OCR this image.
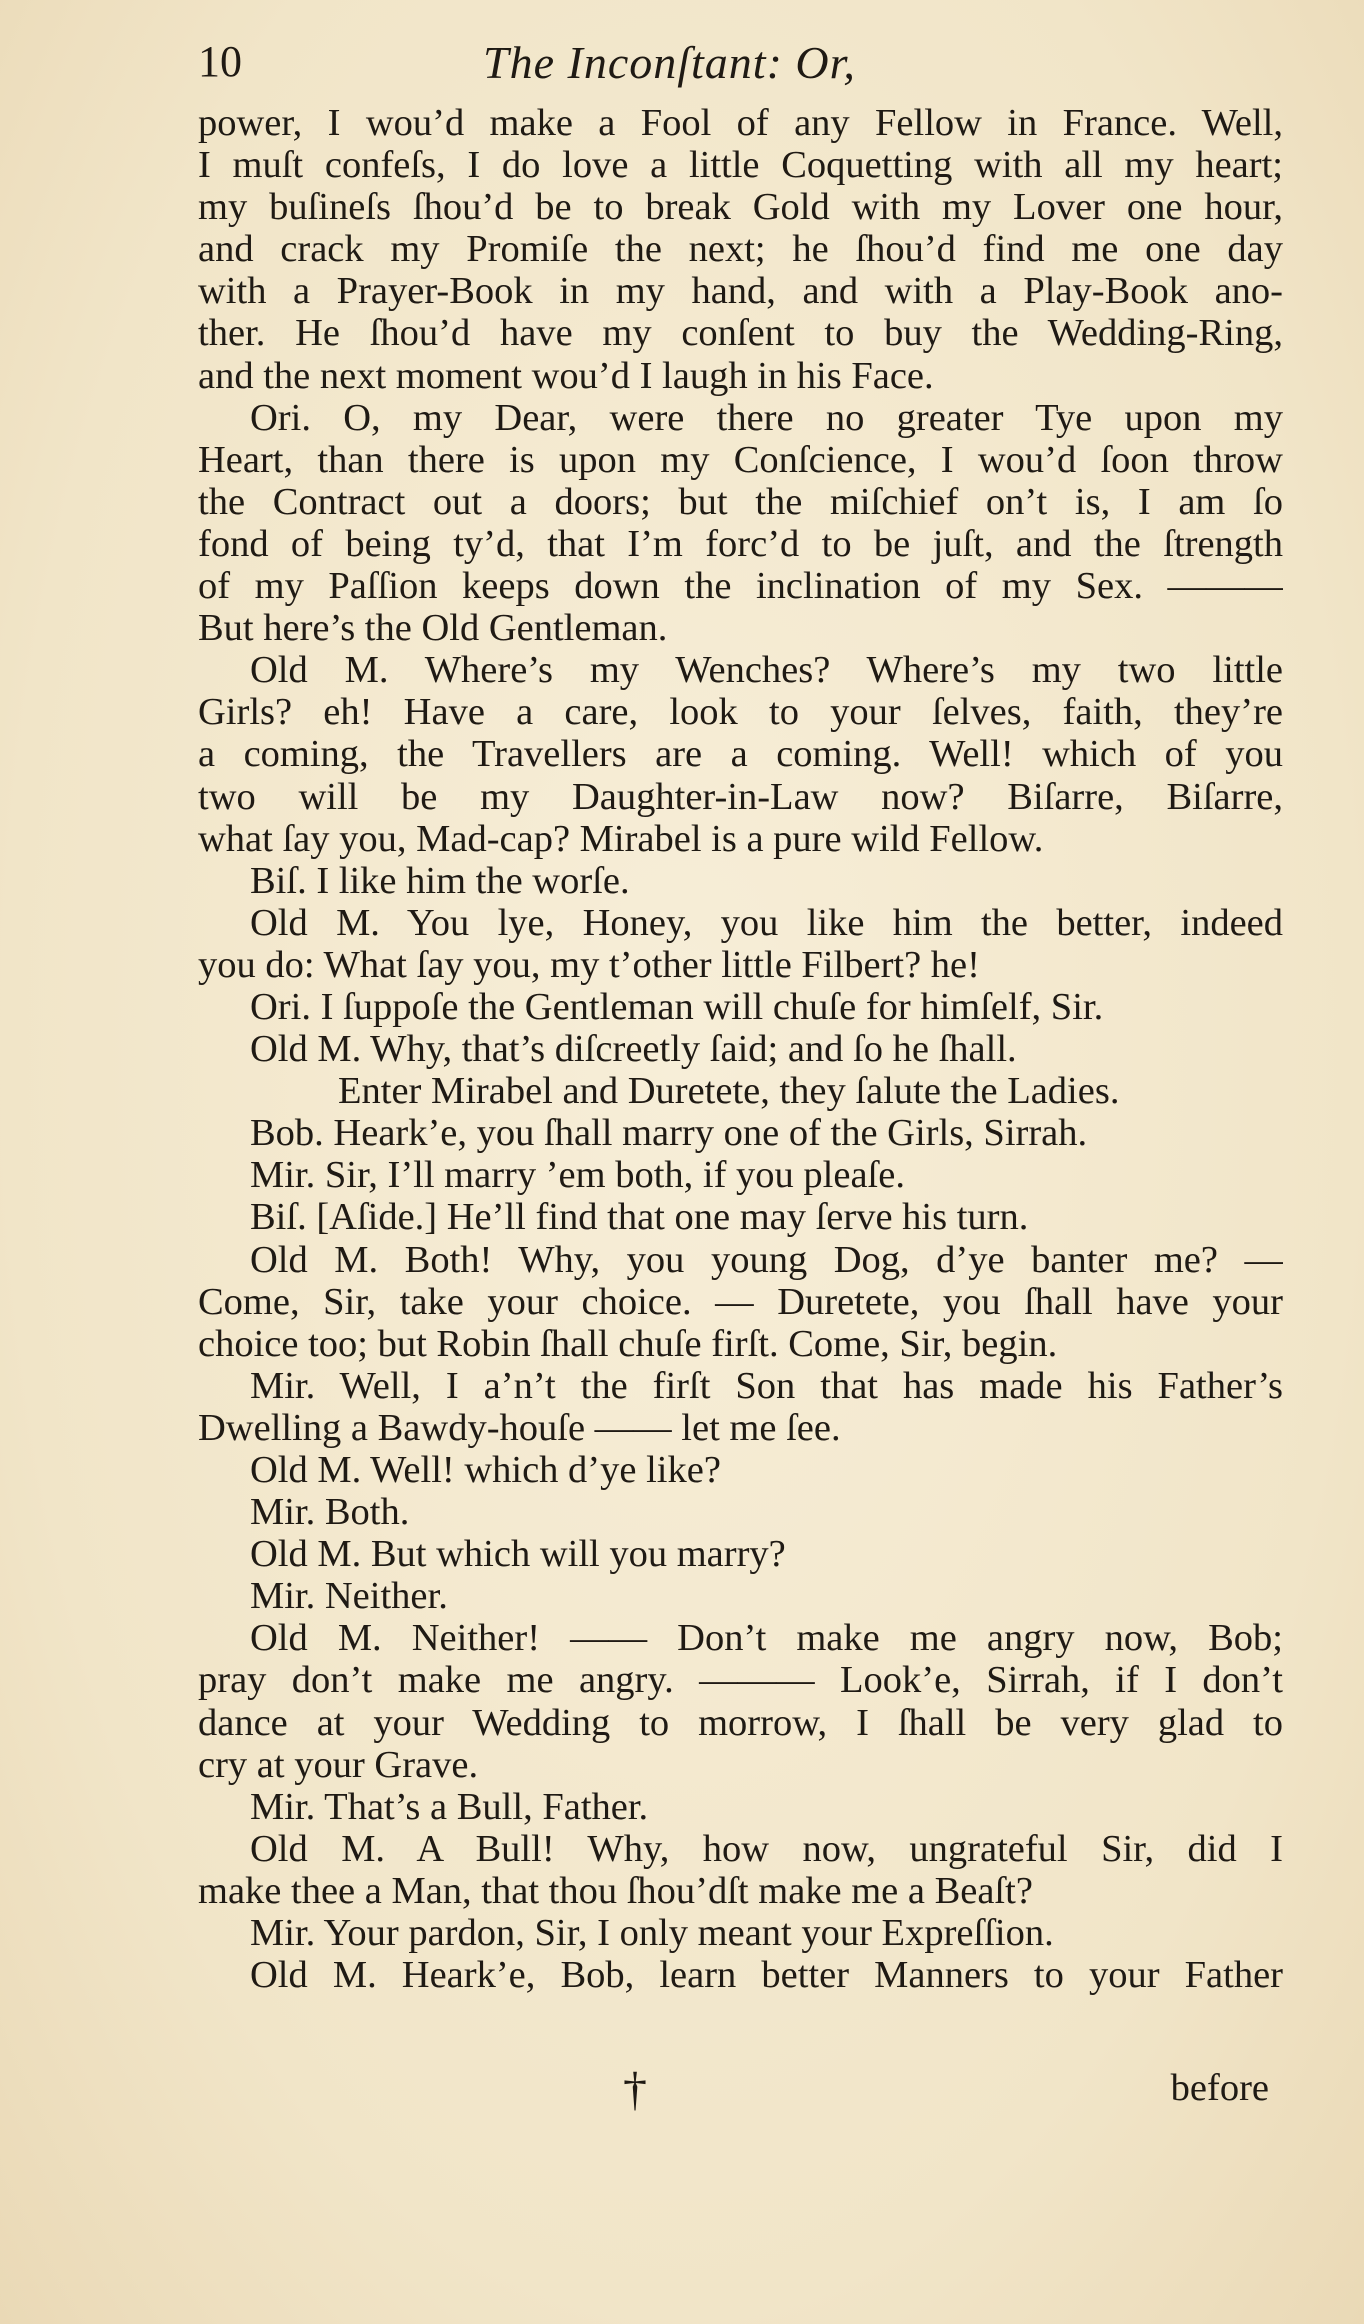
10	The Inconſtant: Or,
power, I wou’d make a Fool of any Fellow in France. Well,
I muſt confeſs, I do love a little Coquetting with all my heart;
my buſineſs ſhou’d be to break Gold with my Lover one hour,
and crack my Promiſe the next; he ſhou’d find me one day
with a Prayer-Book in my hand, and with a Play-Book ano-
ther. He ſhou’d have my conſent to buy the Wedding-Ring,
and the next moment wou’d I laugh in his Face.
Ori. O, my Dear, were there no greater Tye upon my
Heart, than there is upon my Conſcience, I wou’d ſoon throw
the Contract out a doors; but the miſchief on’t is, I am ſo
fond of being ty’d, that I’m forc’d to be juſt, and the ſtrength
of my Paſſion keeps down the inclination of my Sex. ———
But here’s the Old Gentleman.
Old M. Where’s my Wenches? Where’s my two little
Girls? eh! Have a care, look to your ſelves, faith, they’re
a coming, the Travellers are a coming. Well! which of you
two will be my Daughter-in-Law now? Biſarre, Biſarre,
what ſay you, Mad-cap? Mirabel is a pure wild Fellow.
Biſ. I like him the worſe.
Old M. You lye, Honey, you like him the better, indeed
you do: What ſay you, my t’other little Filbert? he!
Ori. I ſuppoſe the Gentleman will chuſe for himſelf, Sir.
Old M. Why, that’s diſcreetly ſaid; and ſo he ſhall.
Enter Mirabel and Duretete, they ſalute the Ladies.
Bob. Heark’e, you ſhall marry one of the Girls, Sirrah.
Mir. Sir, I’ll marry ’em both, if you pleaſe.
Biſ. [Aſide.] He’ll find that one may ſerve his turn.
Old M. Both! Why, you young Dog, d’ye banter me? —
Come, Sir, take your choice. — Duretete, you ſhall have your
choice too; but Robin ſhall chuſe firſt. Come, Sir, begin.
Mir. Well, I a’n’t the firſt Son that has made his Father’s
Dwelling a Bawdy-houſe —— let me ſee.
Old M. Well! which d’ye like?
Mir. Both.
Old M. But which will you marry?
Mir. Neither.
Old M. Neither! —— Don’t make me angry now, Bob;
pray don’t make me angry. ——— Look’e, Sirrah, if I don’t
dance at your Wedding to morrow, I ſhall be very glad to
cry at your Grave.
Mir. That’s a Bull, Father.
Old M. A Bull! Why, how now, ungrateful Sir, did I
make thee a Man, that thou ſhou’dſt make me a Beaſt?
Mir. Your pardon, Sir, I only meant your Expreſſion.
Old M. Heark’e, Bob, learn better Manners to your Father
†	before
